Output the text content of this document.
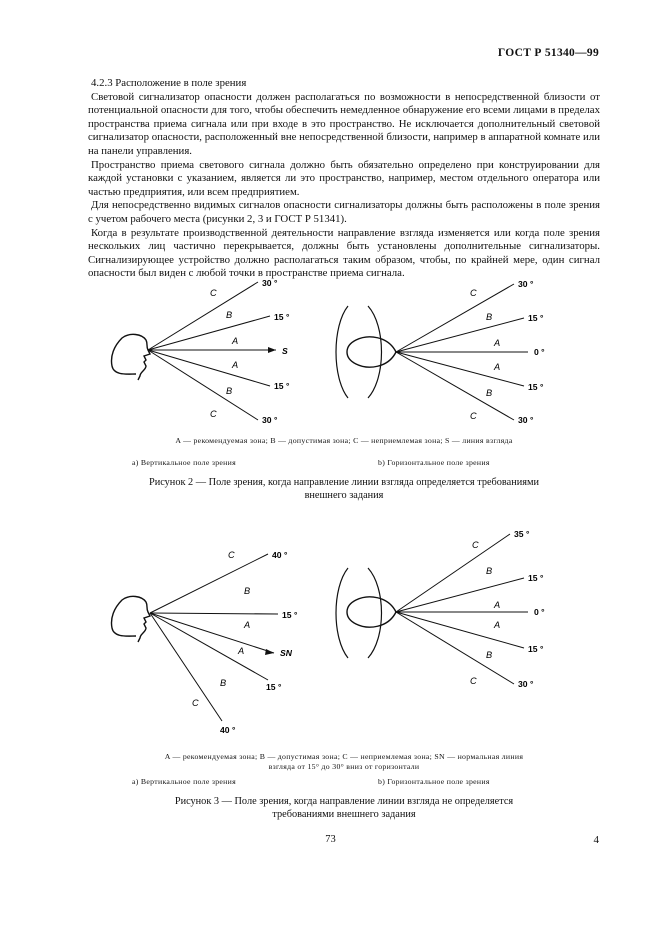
ГОСТ Р 51340—99

4.2.3 Расположение в поле зрения

Световой сигнализатор опасности должен располагаться по возможности в непосредственной близости от потенциальной опасности для того, чтобы обеспечить немедленное обнаружение его всеми лицами в пределах пространства приема сигнала или при входе в это пространство. Не исключается дополнительный световой сигнализатор опасности, расположенный вне непосредственной близости, например в аппаратной комнате или на панели управления.

Пространство приема светового сигнала должно быть обязательно определено при конструировании для каждой установки с указанием, является ли это пространство, например, местом отдельного оператора или частью предприятия, или всем предприятием.

Для непосредственно видимых сигналов опасности сигнализаторы должны быть расположены в поле зрения с учетом рабочего места (рисунки 2, 3 и ГОСТ Р 51341).

Когда в результате производственной деятельности направление взгляда изменяется или когда поле зрения нескольких лиц частично перекрывается, должны быть установлены дополнительные сигнализаторы. Сигнализирующее устройство должно располагаться таким образом, чтобы, по крайней мере, один сигнал опасности был виден с любой точки в пространстве приема сигнала.

C
B
A
A
B
C
30 °
15 °
S
15 °
30 °
C
B
A
A
B
C
30 °
15 °
0 °
15 °
30 °
A — рекомендуемая зона; B — допустимая зона; C — неприемлемая зона; S — линия взгляда
а) Вертикальное поле зрения	b) Горизонтальное поле зрения
Рисунок 2 — Поле зрения, когда направление линии взгляда определяется требованиями
внешнего задания
C
B
A
A
B
C
40 °
15 °
SN
15 °
40 °
C
B
A
A
B
C
35 °
15 °
0 °
15 °
30 °
A — рекомендуемая зона; B — допустимая зона; C — неприемлемая зона; SN — нормальная линия
взгляда от 15° до 30° вниз от горизонтали
a) Вертикальное поле зрения	b) Горизонтальное поле зрения
Рисунок 3 — Поле зрения, когда направление линии взгляда не определяется
требованиями внешнего задания
73	4
